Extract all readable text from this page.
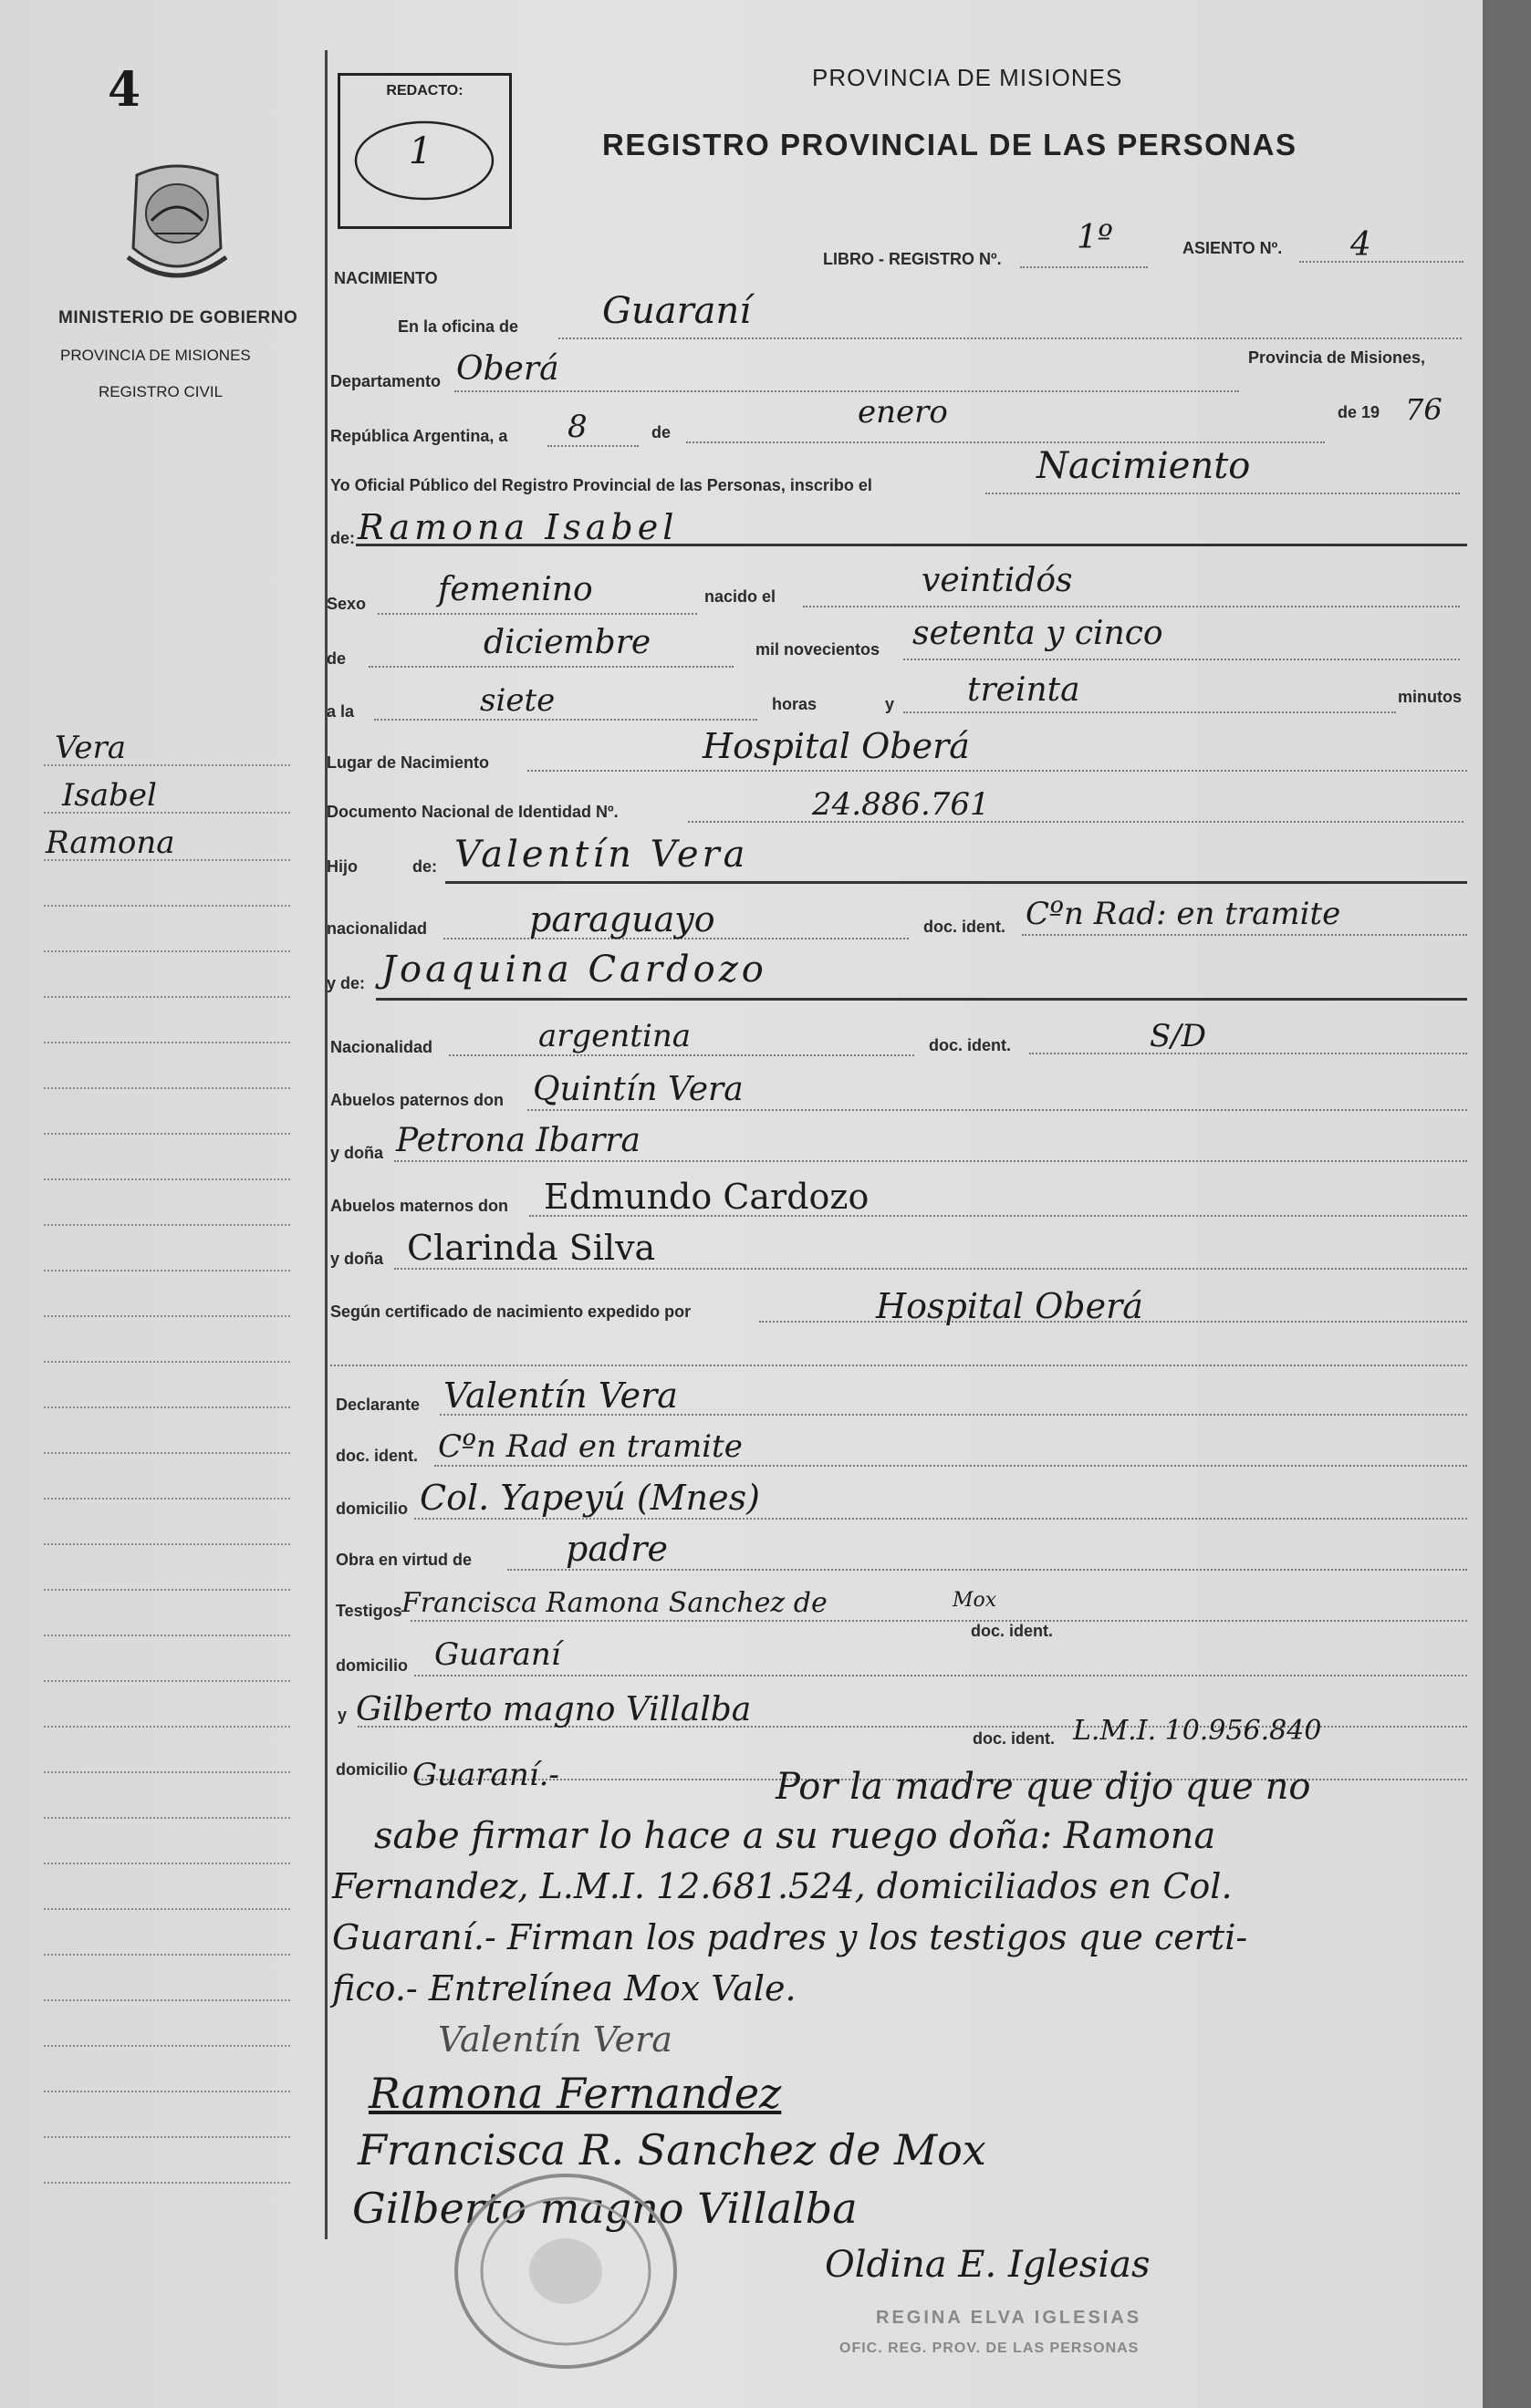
4
MINISTERIO DE GOBIERNO
PROVINCIA DE MISIONES
REGISTRO CIVIL
Vera
Isabel
Ramona
REDACTO:
1
PROVINCIA DE MISIONES
REGISTRO PROVINCIAL DE LAS PERSONAS
NACIMIENTO
LIBRO - REGISTRO Nº.
1º	ASIENTO Nº. 4
En la oficina de Guaraní
Departamento Oberá	Provincia de Misiones,
República Argentina, a 8	de
enero	de 19 76
Yo Oficial Público del Registro Provincial de las Personas, inscribo el	Nacimiento
de: Ramona Isabel
Sexo femenino	nacido el	veintidós
de	diciembre	mil novecientos setenta y cinco
a la	siete	horas	y treinta	minutos
Lugar de Nacimiento	Hospital Oberá
Documento Nacional de Identidad Nº.	24.886.761
Hijo	de: Valentín Vera
nacionalidad	paraguayo	doc. ident. Cºn Rad: en tramite
y de: Joaquina Cardozo
Nacionalidad	argentina	doc. ident.	S/D
Abuelos paternos don Quintín Vera
y doña Petrona Ibarra
Abuelos maternos don Edmundo Cardozo
y doña Clarinda Silva
Según certificado de nacimiento expedido por	Hospital Oberá
Declarante Valentín Vera
doc. ident. Cºn Rad en tramite
domicilio Col. Yapeyú (Mnes)
Obra en virtud de	padre
Testigos Francisca Ramona Sanchez de	Mox
doc. ident.
domicilio Guaraní
y Gilberto magno Villalba
doc. ident. L.M.I. 10.956.840
domicilio Guaraní.-	Por la madre que dijo que no
sabe firmar lo hace a su ruego doña: Ramona
Fernandez, L.M.I. 12.681.524, domiciliados en Col.
Guaraní.- Firman los padres y los testigos que certi-
fico.- Entrelínea Mox Vale.
Valentín Vera
Ramona Fernandez
Francisca R. Sanchez de Mox
Gilberto magno Villalba
Oldina E. Iglesias
REGINA ELVA IGLESIAS
OFIC. REG. PROV. DE LAS PERSONAS
